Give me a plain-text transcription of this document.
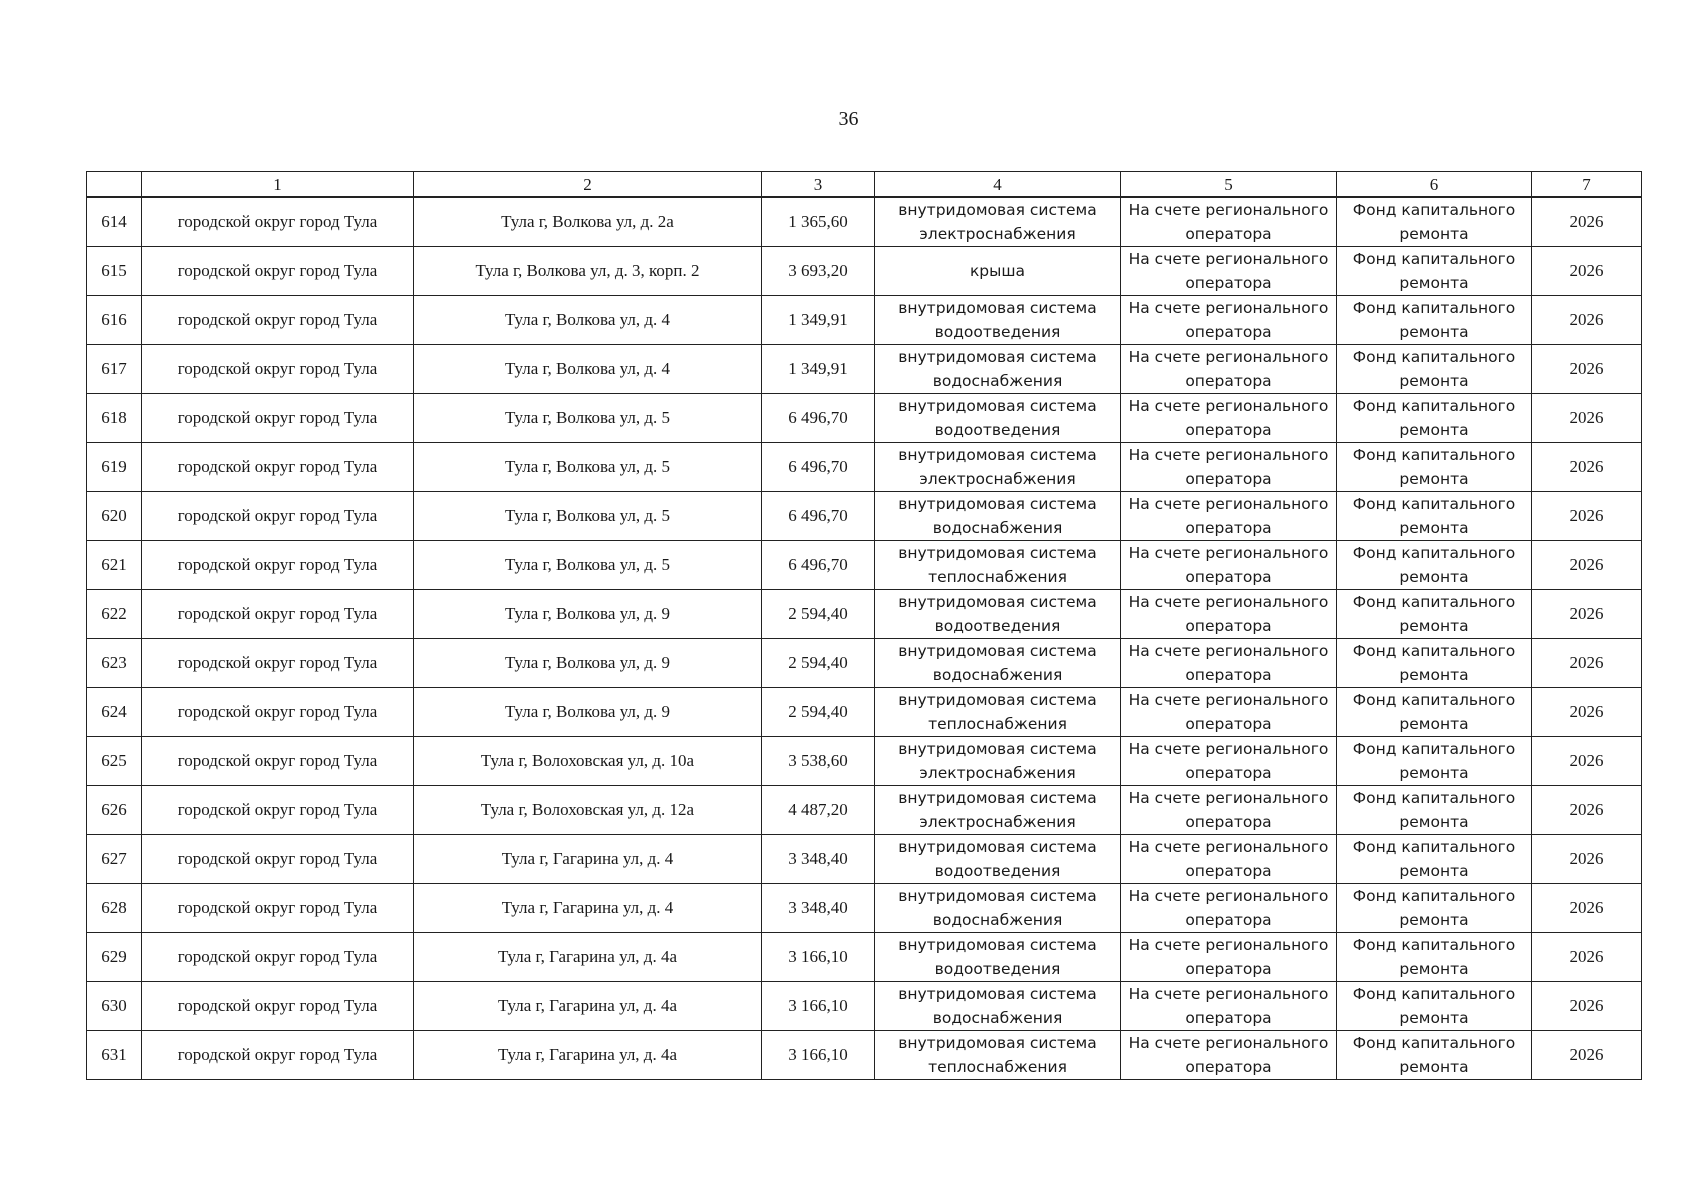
36
	1	2	3	4	5	6	7
614	городской округ город Тула	Тула г, Волкова ул, д. 2а	1 365,60	внутридомовая система электроснабжения	На счете регионального оператора	Фонд капитального ремонта	2026
615	городской округ город Тула	Тула г, Волкова ул, д. 3, корп. 2	3 693,20	крыша	На счете регионального оператора	Фонд капитального ремонта	2026
616	городской округ город Тула	Тула г, Волкова ул, д. 4	1 349,91	внутридомовая система водоотведения	На счете регионального оператора	Фонд капитального ремонта	2026
617	городской округ город Тула	Тула г, Волкова ул, д. 4	1 349,91	внутридомовая система водоснабжения	На счете регионального оператора	Фонд капитального ремонта	2026
618	городской округ город Тула	Тула г, Волкова ул, д. 5	6 496,70	внутридомовая система водоотведения	На счете регионального оператора	Фонд капитального ремонта	2026
619	городской округ город Тула	Тула г, Волкова ул, д. 5	6 496,70	внутридомовая система электроснабжения	На счете регионального оператора	Фонд капитального ремонта	2026
620	городской округ город Тула	Тула г, Волкова ул, д. 5	6 496,70	внутридомовая система водоснабжения	На счете регионального оператора	Фонд капитального ремонта	2026
621	городской округ город Тула	Тула г, Волкова ул, д. 5	6 496,70	внутридомовая система теплоснабжения	На счете регионального оператора	Фонд капитального ремонта	2026
622	городской округ город Тула	Тула г, Волкова ул, д. 9	2 594,40	внутридомовая система водоотведения	На счете регионального оператора	Фонд капитального ремонта	2026
623	городской округ город Тула	Тула г, Волкова ул, д. 9	2 594,40	внутридомовая система водоснабжения	На счете регионального оператора	Фонд капитального ремонта	2026
624	городской округ город Тула	Тула г, Волкова ул, д. 9	2 594,40	внутридомовая система теплоснабжения	На счете регионального оператора	Фонд капитального ремонта	2026
625	городской округ город Тула	Тула г, Волоховская ул, д. 10а	3 538,60	внутридомовая система электроснабжения	На счете регионального оператора	Фонд капитального ремонта	2026
626	городской округ город Тула	Тула г, Волоховская ул, д. 12а	4 487,20	внутридомовая система электроснабжения	На счете регионального оператора	Фонд капитального ремонта	2026
627	городской округ город Тула	Тула г, Гагарина ул, д. 4	3 348,40	внутридомовая система водоотведения	На счете регионального оператора	Фонд капитального ремонта	2026
628	городской округ город Тула	Тула г, Гагарина ул, д. 4	3 348,40	внутридомовая система водоснабжения	На счете регионального оператора	Фонд капитального ремонта	2026
629	городской округ город Тула	Тула г, Гагарина ул, д. 4а	3 166,10	внутридомовая система водоотведения	На счете регионального оператора	Фонд капитального ремонта	2026
630	городской округ город Тула	Тула г, Гагарина ул, д. 4а	3 166,10	внутридомовая система водоснабжения	На счете регионального оператора	Фонд капитального ремонта	2026
631	городской округ город Тула	Тула г, Гагарина ул, д. 4а	3 166,10	внутридомовая система теплоснабжения	На счете регионального оператора	Фонд капитального ремонта	2026
